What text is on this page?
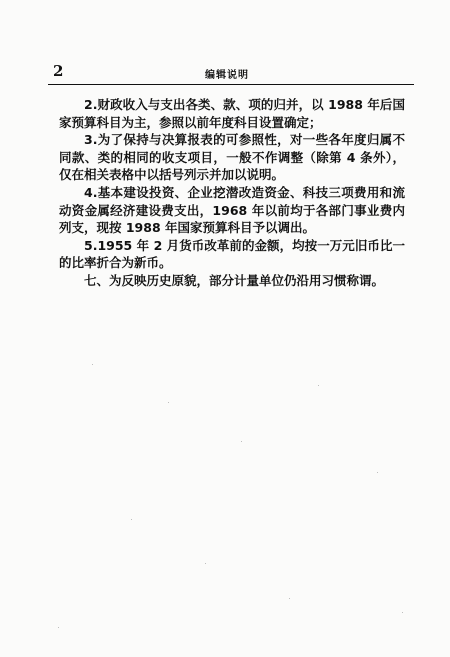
2	编辑说明

2.财政收入与支出各类、款、项的归并，以 1988 年后国家预算科目为主，参照以前年度科目设置确定；

3.为了保持与决算报表的可参照性，对一些各年度归属不同款、类的相同的收支项目，一般不作调整（除第 4 条外），仅在相关表格中以括号列示并加以说明。

4.基本建设投资、企业挖潜改造资金、科技三项费用和流动资金属经济建设费支出，1968 年以前均于各部门事业费内列支，现按 1988 年国家预算科目予以调出。

5.1955 年 2 月货币改革前的金额，均按一万元旧币比一的比率折合为新币。

七、为反映历史原貌，部分计量单位仍沿用习惯称谓。
